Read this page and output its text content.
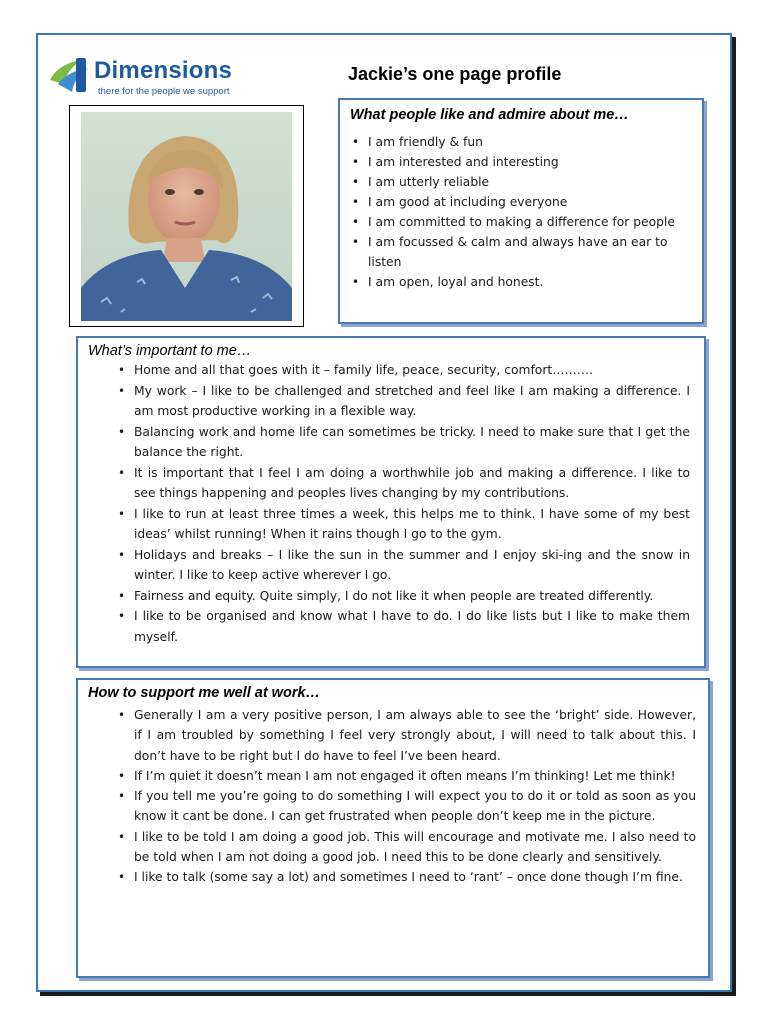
Dimensions
there for the people we support
Jackie’s one page profile
What people like and admire about me…
• I am friendly & fun
• I am interested and interesting
• I am utterly reliable
• I am good at including everyone
• I am committed to making a difference for people
• I am focussed & calm and always have an ear to listen
• I am open, loyal and honest.
What’s important to me…
• Home and all that goes with it – family life, peace, security, comfort……….
• My work – I like to be challenged and stretched and feel like I am making a difference. I am most productive working in a flexible way.
• Balancing work and home life can sometimes be tricky. I need to make sure that I get the balance the right.
• It is important that I feel I am doing a worthwhile job and making a difference. I like to see things happening and peoples lives changing by my contributions.
• I like to run at least three times a week, this helps me to think. I have some of my best ideas’ whilst running! When it rains though I go to the gym.
• Holidays and breaks – I like the sun in the summer and I enjoy ski-ing and the snow in winter. I like to keep active wherever I go.
• Fairness and equity. Quite simply, I do not like it when people are treated differently.
• I like to be organised and know what I have to do. I do like lists but I like to make them myself.
How to support me well at work…
• Generally I am a very positive person, I am always able to see the ‘bright’ side. However, if I am troubled by something I feel very strongly about, I will need to talk about this. I don’t have to be right but I do have to feel I’ve been heard.
• If I’m quiet it doesn’t mean I am not engaged it often means I’m thinking! Let me think!
• If you tell me you’re going to do something I will expect you to do it or told as soon as you know it cant be done. I can get frustrated when people don’t keep me in the picture.
• I like to be told I am doing a good job. This will encourage and motivate me. I also need to be told when I am not doing a good job. I need this to be done clearly and sensitively.
• I like to talk (some say a lot) and sometimes I need to ‘rant’ – once done though I’m fine.
